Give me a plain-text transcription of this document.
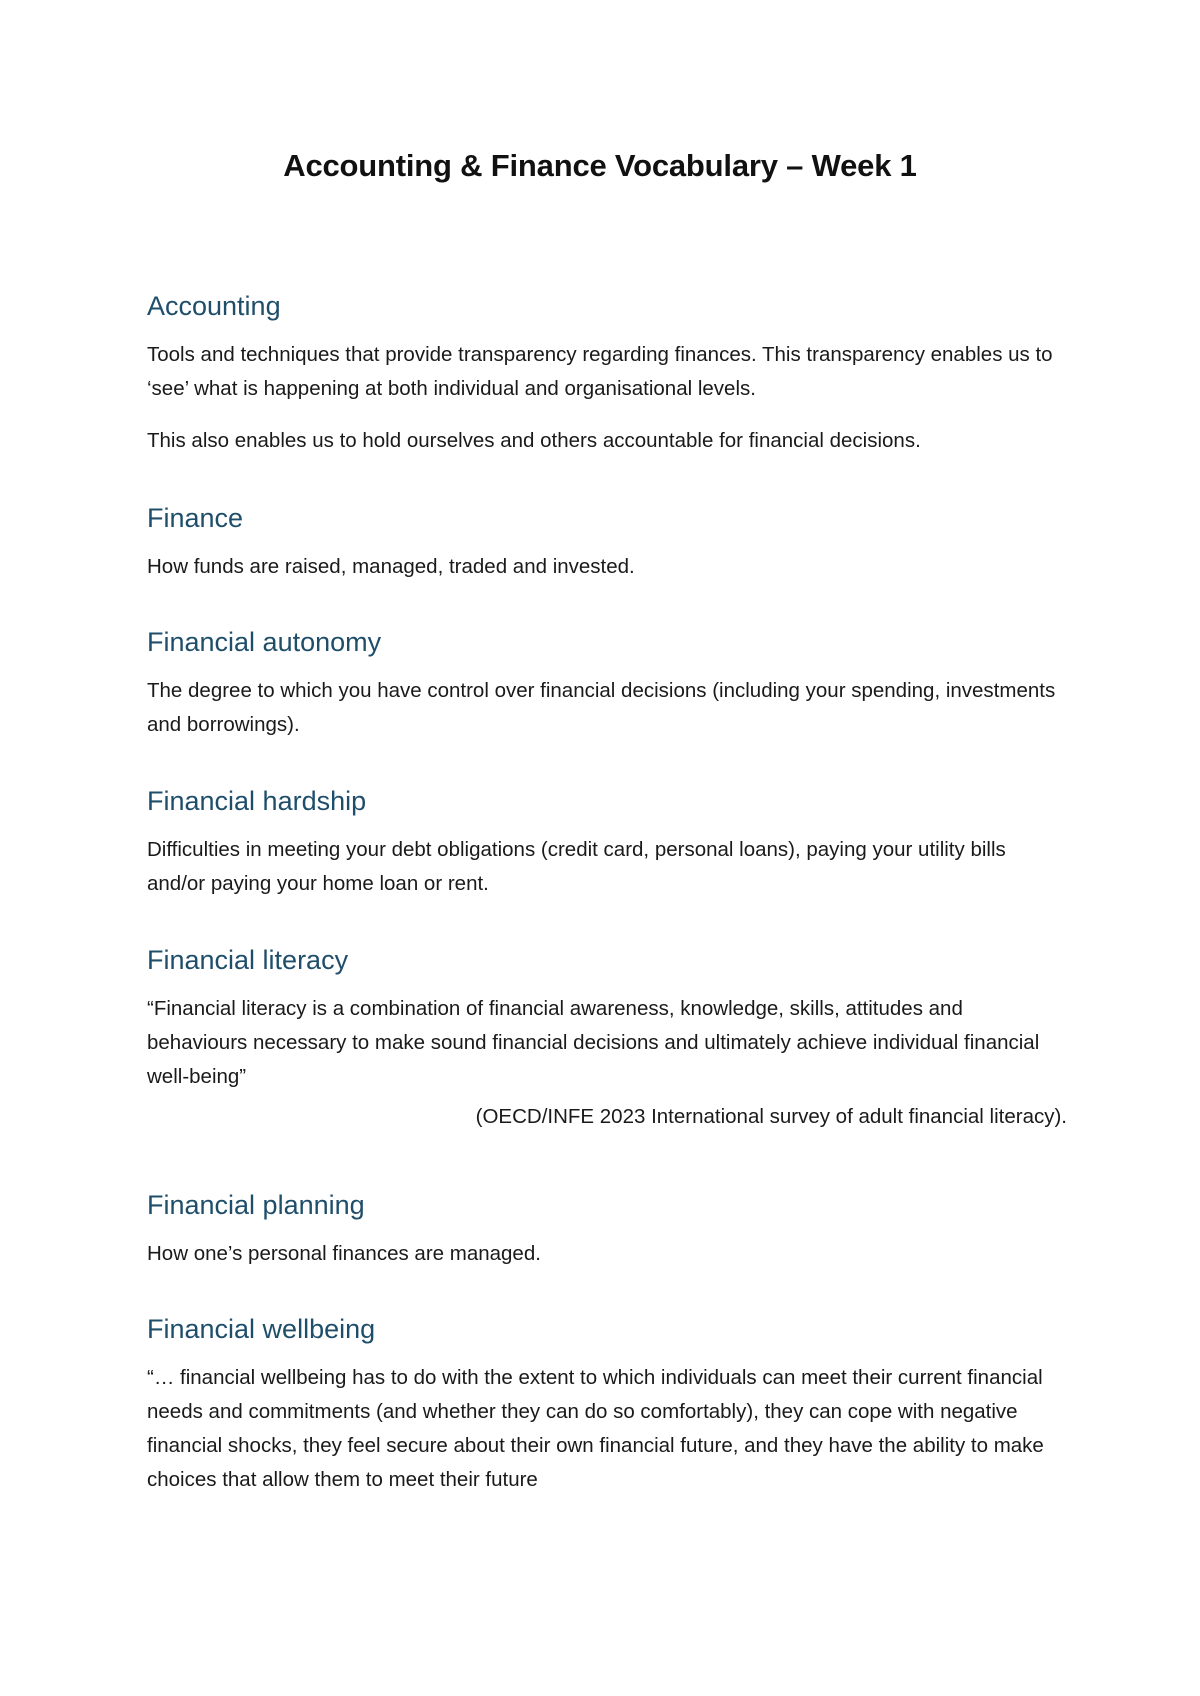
Accounting & Finance Vocabulary – Week 1
Accounting

Tools and techniques that provide transparency regarding finances. This transparency enables us to ‘see’ what is happening at both individual and organisational levels.

This also enables us to hold ourselves and others accountable for financial decisions.

Finance

How funds are raised, managed, traded and invested.

Financial autonomy

The degree to which you have control over financial decisions (including your spending, investments and borrowings).

Financial hardship

Difficulties in meeting your debt obligations (credit card, personal loans), paying your utility bills and/or paying your home loan or rent.

Financial literacy

“Financial literacy is a combination of financial awareness, knowledge, skills, attitudes and behaviours necessary to make sound financial decisions and ultimately achieve individual financial well-being”

(OECD/INFE 2023 International survey of adult financial literacy).

Financial planning

How one’s personal finances are managed.

Financial wellbeing

“… financial wellbeing has to do with the extent to which individuals can meet their current financial needs and commitments (and whether they can do so comfortably), they can cope with negative financial shocks, they feel secure about their own financial future, and they have the ability to make choices that allow them to meet their future
